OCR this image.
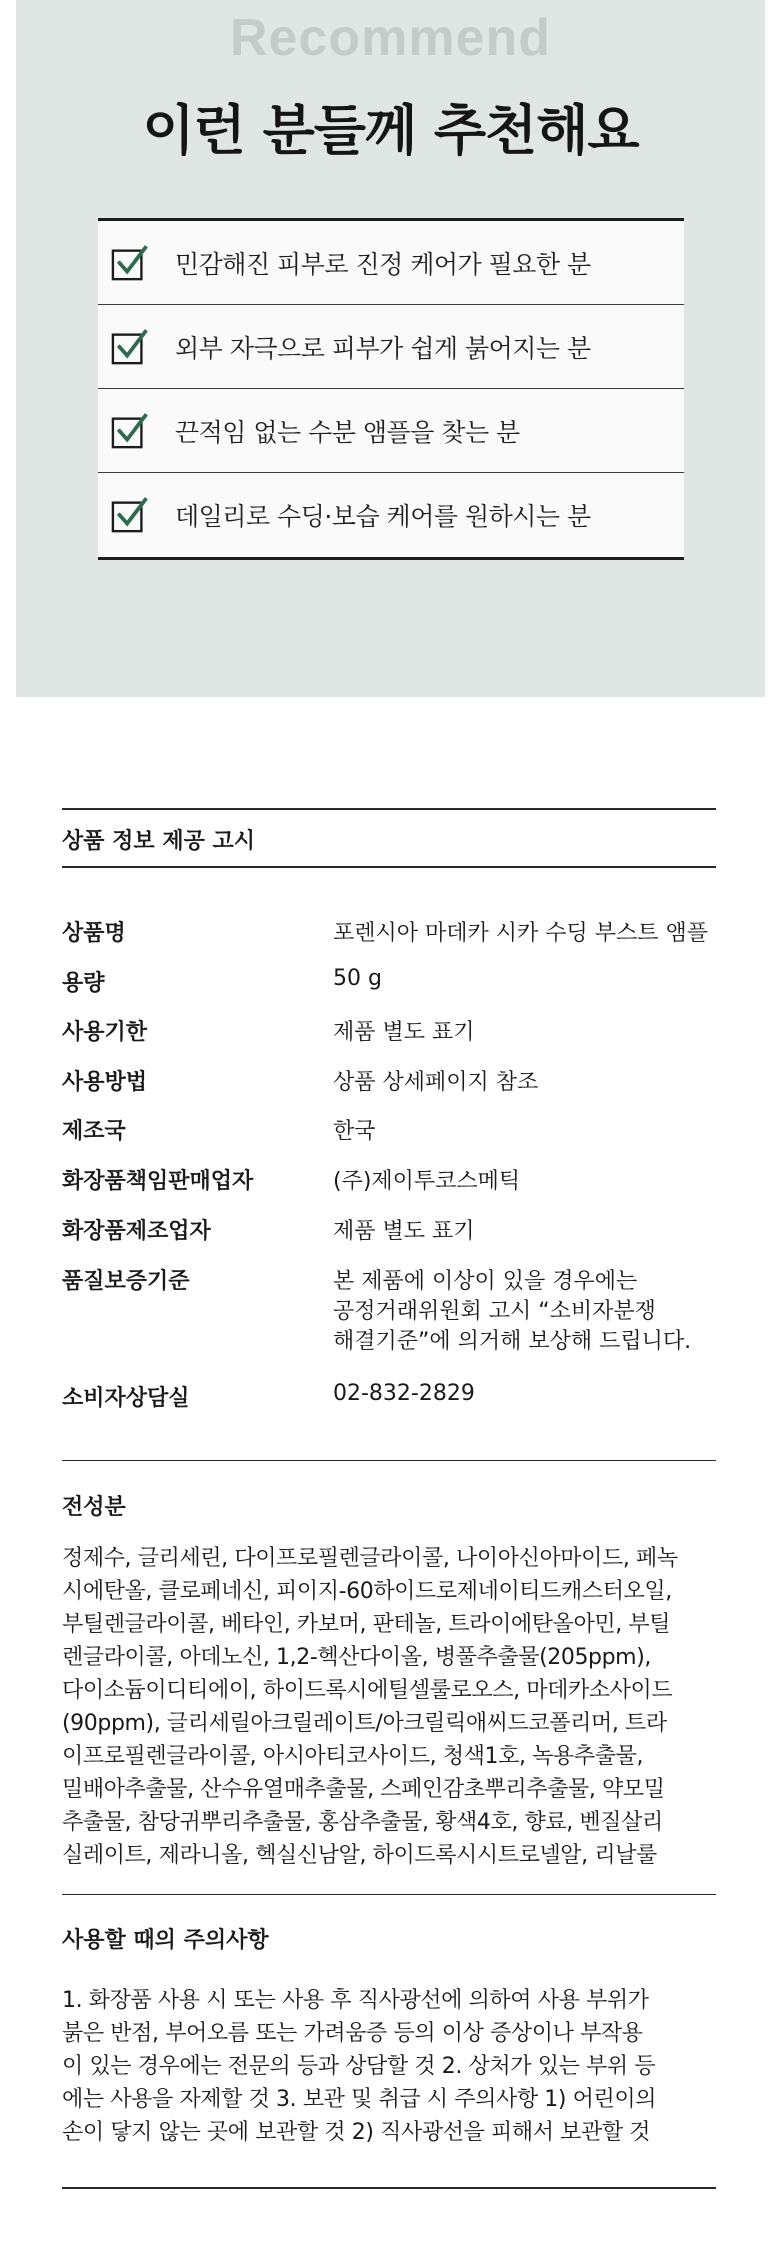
Recommend
이런 분들께 추천해요
민감해진 피부로 진정 케어가 필요한 분
외부 자극으로 피부가 쉽게 붉어지는 분
끈적임 없는 수분 앰플을 찾는 분
데일리로 수딩·보습 케어를 원하시는 분
상품 정보 제공 고시
상품명	포렌시아 마데카 시카 수딩 부스트 앰플
용량	50 g
사용기한	제품 별도 표기
사용방법	상품 상세페이지 참조
제조국	한국
화장품책임판매업자	(주)제이투코스메틱
화장품제조업자	제품 별도 표기
품질보증기준	본 제품에 이상이 있을 경우에는
공정거래위원회 고시 “소비자분쟁
해결기준”에 의거해 보상해 드립니다.
소비자상담실	02-832-2829
전성분
정제수, 글리세린, 다이프로필렌글라이콜, 나이아신아마이드, 페녹
시에탄올, 클로페네신, 피이지-60하이드로제네이티드캐스터오일,
부틸렌글라이콜, 베타인, 카보머, 판테놀, 트라이에탄올아민, 부틸
렌글라이콜, 아데노신, 1,2-헥산다이올, 병풀추출물(205ppm),
다이소듐이디티에이, 하이드록시에틸셀룰로오스, 마데카소사이드
(90ppm), 글리세릴아크릴레이트/아크릴릭애씨드코폴리머, 트라
이프로필렌글라이콜, 아시아티코사이드, 청색1호, 녹용추출물,
밀배아추출물, 산수유열매추출물, 스페인감초뿌리추출물, 약모밀
추출물, 참당귀뿌리추출물, 홍삼추출물, 황색4호, 향료, 벤질살리
실레이트, 제라니올, 헥실신남알, 하이드록시시트로넬알, 리날룰
사용할 때의 주의사항
1. 화장품 사용 시 또는 사용 후 직사광선에 의하여 사용 부위가
붉은 반점, 부어오름 또는 가려움증 등의 이상 증상이나 부작용
이 있는 경우에는 전문의 등과 상담할 것 2. 상처가 있는 부위 등
에는 사용을 자제할 것 3. 보관 및 취급 시 주의사항 1) 어린이의
손이 닿지 않는 곳에 보관할 것 2) 직사광선을 피해서 보관할 것
